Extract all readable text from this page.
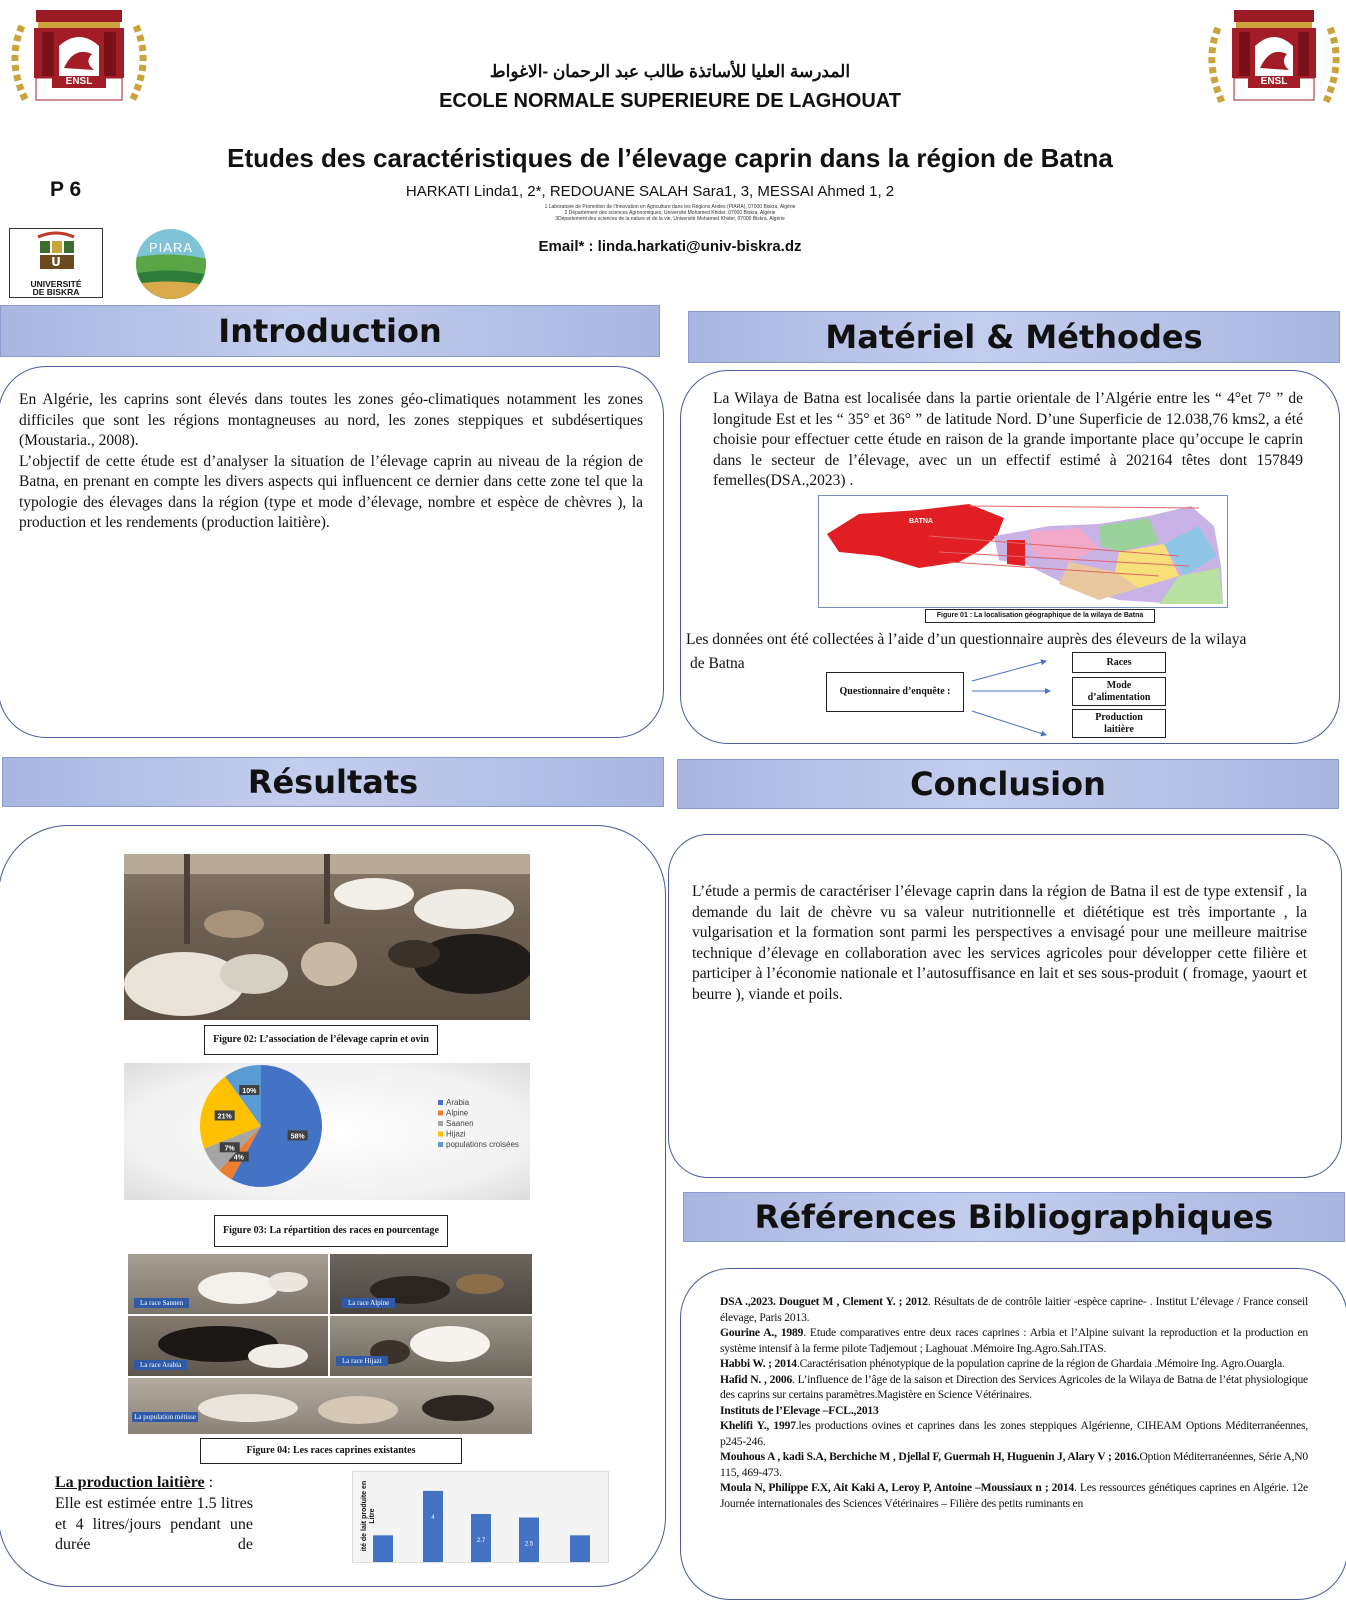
ENSL	ENSL
المدرسة العليا للأساتذة طالب عبد الرحمان -الاغواط
ECOLE NORMALE SUPERIEURE DE LAGHOUAT
Etudes des caractéristiques de l’élevage caprin dans la région de Batna
P 6	HARKATI Linda1, 2*, REDOUANE SALAH Sara1, 3, MESSAI Ahmed 1, 2
1 Laboratoire de Promotion de l'Innovation en Agriculture dans les Régions Arides (PIARA), 07000 Biskra, Algérie
2 Département des sciences Agronomiques, Université Mohamed Khider, 07000 Biskra, Algérie
3Département des sciences de la nature et de la vie, Université Mohamed Khider, 07000 Biskra, Algérie
Email* : linda.harkati@univ-biskra.dz
U
UNIVERSITÉ
DE BISKRA
PIARA
Introduction
En Algérie, les caprins sont élevés dans toutes les zones géo-climatiques notamment les zones difficiles que sont les régions montagneuses au nord, les zones steppiques et subdésertiques (Moustaria., 2008).
L’objectif de cette étude est d’analyser la situation de l’élevage caprin au niveau de la région de Batna, en prenant en compte les divers aspects qui influencent ce dernier dans cette zone tel que la typologie des élevages dans la région (type et mode d’élevage, nombre et espèce de chèvres ), la production et les rendements (production laitière).
Matériel & Méthodes
La Wilaya de Batna est localisée dans la partie orientale de l’Algérie entre les “ 4°et 7° ” de longitude Est et les “ 35° et 36° ” de latitude Nord. D’une Superficie de 12.038,76 kms2, a été choisie pour effectuer cette étude en raison de la grande importante place qu’occupe le caprin dans le secteur de l’élevage, avec un un effectif estimé à 202164 têtes dont 157849 femelles(DSA.,2023) .
BATNA
Figure 01 : La localisation géographique de la wilaya de Batna
Les données ont été collectées à l’aide d’un questionnaire auprès des éleveurs de la wilaya
de Batna
Questionnaire d’enquête :
Races
Mode
d’alimentation
Production
laitière
Résultats
Figure 02: L’association de l’élevage caprin et ovin
58%
4%
7%
21%
10%
Arabia
Alpine
Saanen
Hijazi
populations croisées
Figure 03: La répartition des races en pourcentage
La race Sannen	La race Alpine
La race Arabia	La race Hijazi
La population métisse
Figure 04: Les races caprines existantes
La production laitière :
Elle est estimée entre 1.5 litres et 4 litres/jours pendant une durée de
4
2.7
2.5
ité de lait produite en Litre
Conclusion
L’étude a permis de caractériser l’élevage caprin dans la région de Batna il est de type extensif , la demande du lait de chèvre vu sa valeur nutritionnelle et diététique est très importante , la vulgarisation et la formation sont parmi les perspectives a envisagé pour une meilleure maitrise technique d’élevage en collaboration avec les services agricoles pour développer cette filière et participer à l’économie nationale et l’autosuffisance en lait et ses sous-produit ( fromage, yaourt et beurre ), viande et poils.
Références Bibliographiques

DSA .,2023. Douguet M , Clement Y. ; 2012. Résultats de de contrôle laitier -espèce caprine- . Institut L’élevage / France conseil élevage, Paris 2013.

Gourine A., 1989. Etude comparatives entre deux races caprines : Arbia et l’Alpine suivant la reproduction et la production en système intensif à la ferme pilote Tadjemout ; Laghouat .Mémoire Ing.Agro.Sah.ITAS.

Habbi W. ; 2014.Caractérisation phénotypique de la population caprine de la région de Ghardaia .Mémoire Ing. Agro.Ouargla.

Hafid N. , 2006. L’influence de l’âge de la saison et Direction des Services Agricoles de la Wilaya de Batna de l’état physiologique des caprins sur certains paramètres.Magistère en Science Vétérinaires.

Instituts de l’Elevage –FCL.,2013

Khelifi Y., 1997.les productions ovines et caprines dans les zones steppiques Algérienne, CIHEAM Options Méditerranéennes, p245-246.

Mouhous A , kadi S.A, Berchiche M , Djellal F, Guermah H, Huguenin J, Alary V ; 2016.Option Méditerranéennes, Série A,N0 115, 469-473.

Moula N, Philippe F.X, Ait Kaki A, Leroy P, Antoine –Moussiaux n ; 2014. Les ressources génétiques caprines en Algérie. 12e Journée internationales des Sciences Vétérinaires – Filière des petits ruminants en
